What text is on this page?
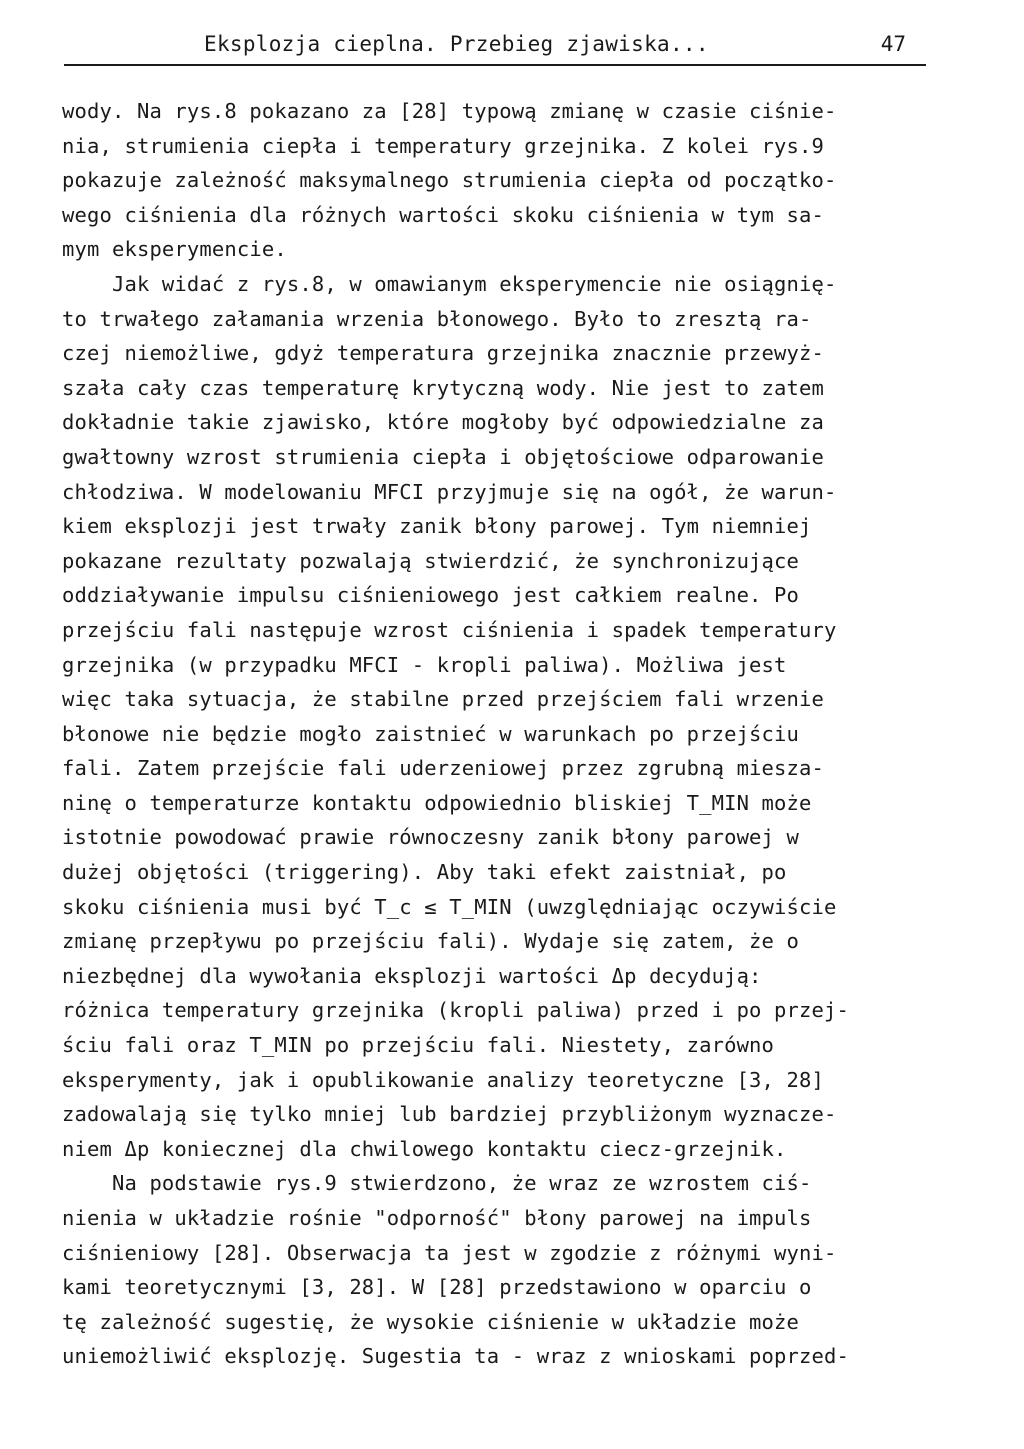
Eksplozja cieplna. Przebieg zjawiska...	47
wody. Na rys.8 pokazano za [28] typową zmianę w czasie ciśnie-
nia, strumienia ciepła i temperatury grzejnika. Z kolei rys.9
pokazuje zależność maksymalnego strumienia ciepła od początko-
wego ciśnienia dla różnych wartości skoku ciśnienia w tym sa-
mym eksperymencie.
Jak widać z rys.8, w omawianym eksperymencie nie osiągnię-
to trwałego załamania wrzenia błonowego. Było to zresztą ra-
czej niemożliwe, gdyż temperatura grzejnika znacznie przewyż-
szała cały czas temperaturę krytyczną wody. Nie jest to zatem
dokładnie takie zjawisko, które mogłoby być odpowiedzialne za
gwałtowny wzrost strumienia ciepła i objętościowe odparowanie
chłodziwa. W modelowaniu MFCI przyjmuje się na ogół, że warun-
kiem eksplozji jest trwały zanik błony parowej. Tym niemniej
pokazane rezultaty pozwalają stwierdzić, że synchronizujące
oddziaływanie impulsu ciśnieniowego jest całkiem realne. Po
przejściu fali następuje wzrost ciśnienia i spadek temperatury
grzejnika (w przypadku MFCI - kropli paliwa). Możliwa jest
więc taka sytuacja, że stabilne przed przejściem fali wrzenie
błonowe nie będzie mogło zaistnieć w warunkach po przejściu
fali. Zatem przejście fali uderzeniowej przez zgrubną miesza-
ninę o temperaturze kontaktu odpowiednio bliskiej T_MIN może
istotnie powodować prawie równoczesny zanik błony parowej w
dużej objętości (triggering). Aby taki efekt zaistniał, po
skoku ciśnienia musi być T_c ≤ T_MIN (uwzględniając oczywiście
zmianę przepływu po przejściu fali). Wydaje się zatem, że o
niezbędnej dla wywołania eksplozji wartości Δp decydują:
różnica temperatury grzejnika (kropli paliwa) przed i po przej-
ściu fali oraz T_MIN po przejściu fali. Niestety, zarówno
eksperymenty, jak i opublikowanie analizy teoretyczne [3, 28]
zadowalają się tylko mniej lub bardziej przybliżonym wyznacze-
niem Δp koniecznej dla chwilowego kontaktu ciecz-grzejnik.
Na podstawie rys.9 stwierdzono, że wraz ze wzrostem ciś-
nienia w układzie rośnie "odporność" błony parowej na impuls
ciśnieniowy [28]. Obserwacja ta jest w zgodzie z różnymi wyni-
kami teoretycznymi [3, 28]. W [28] przedstawiono w oparciu o
tę zależność sugestię, że wysokie ciśnienie w układzie może
uniemożliwić eksplozję. Sugestia ta - wraz z wnioskami poprzed-
